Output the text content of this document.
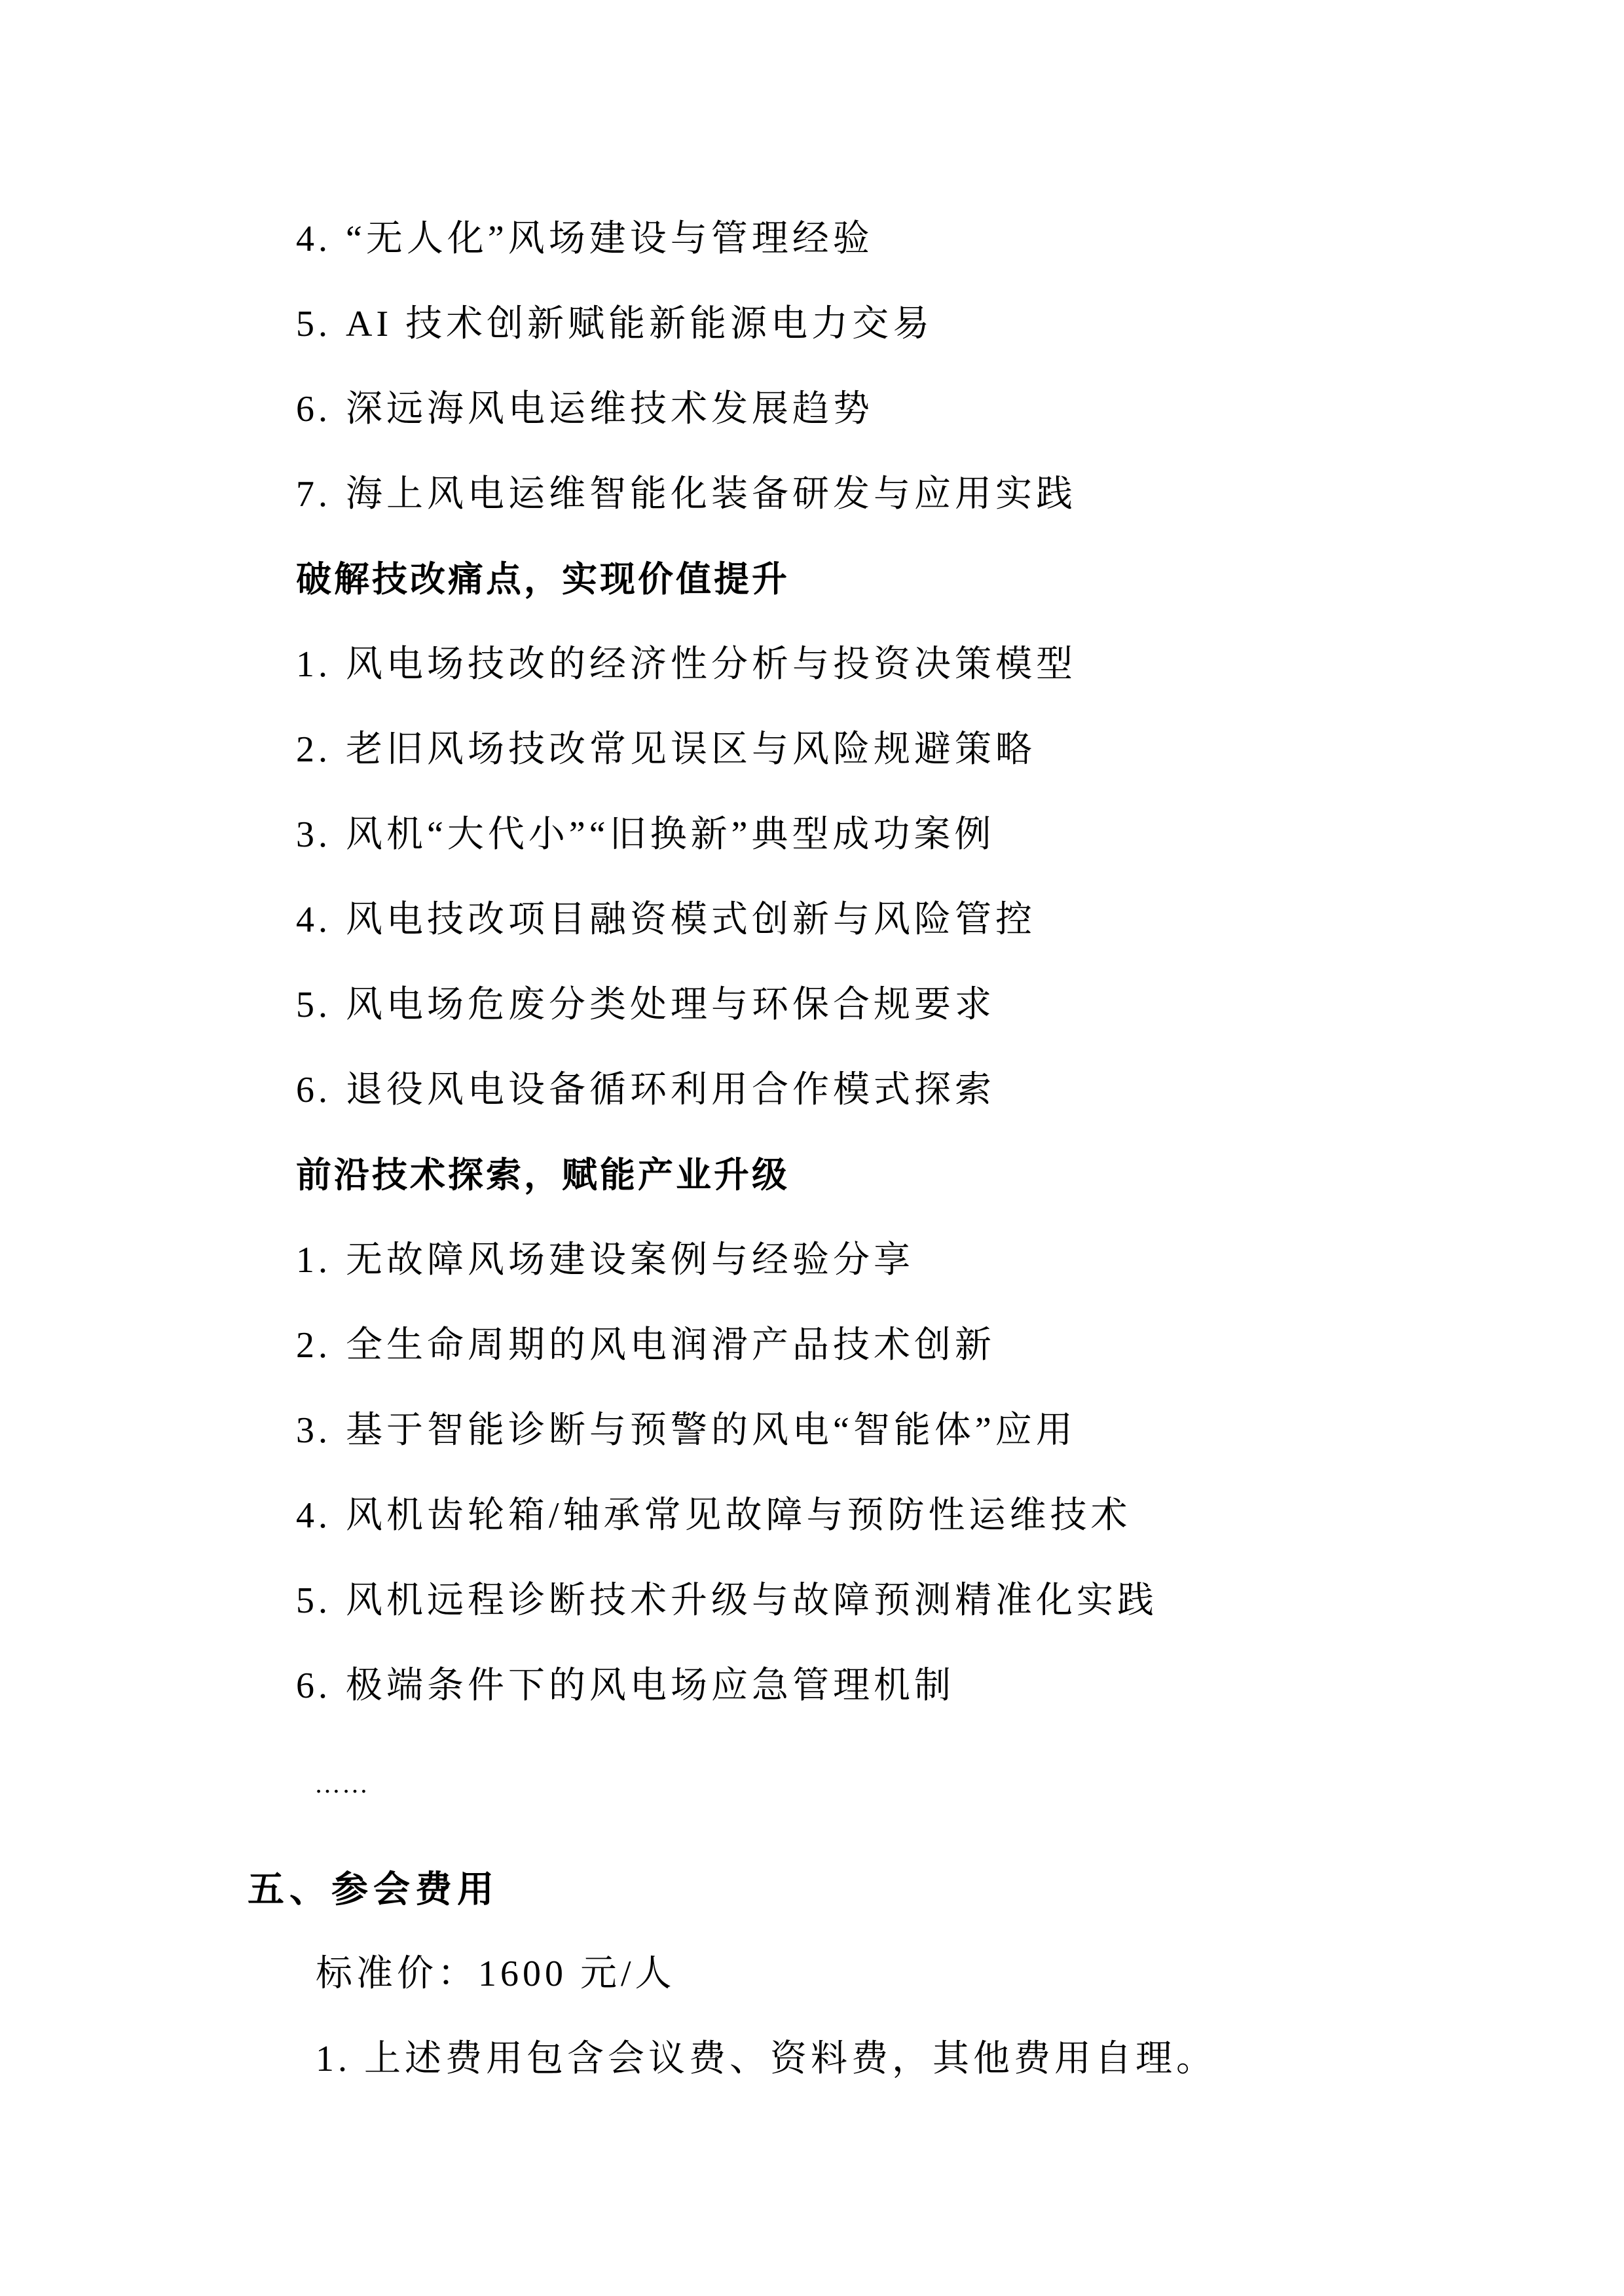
4. “无人化”风场建设与管理经验
5. AI 技术创新赋能新能源电力交易
6. 深远海风电运维技术发展趋势
7. 海上风电运维智能化装备研发与应用实践
破解技改痛点，实现价值提升
1. 风电场技改的经济性分析与投资决策模型
2. 老旧风场技改常见误区与风险规避策略
3. 风机“大代小”“旧换新”典型成功案例
4. 风电技改项目融资模式创新与风险管控
5. 风电场危废分类处理与环保合规要求
6. 退役风电设备循环利用合作模式探索
前沿技术探索，赋能产业升级
1. 无故障风场建设案例与经验分享
2. 全生命周期的风电润滑产品技术创新
3. 基于智能诊断与预警的风电“智能体”应用
4. 风机齿轮箱/轴承常见故障与预防性运维技术
5. 风机远程诊断技术升级与故障预测精准化实践
6. 极端条件下的风电场应急管理机制
……
五、参会费用
标准价：1600 元/人
1. 上述费用包含会议费、资料费，其他费用自理。
